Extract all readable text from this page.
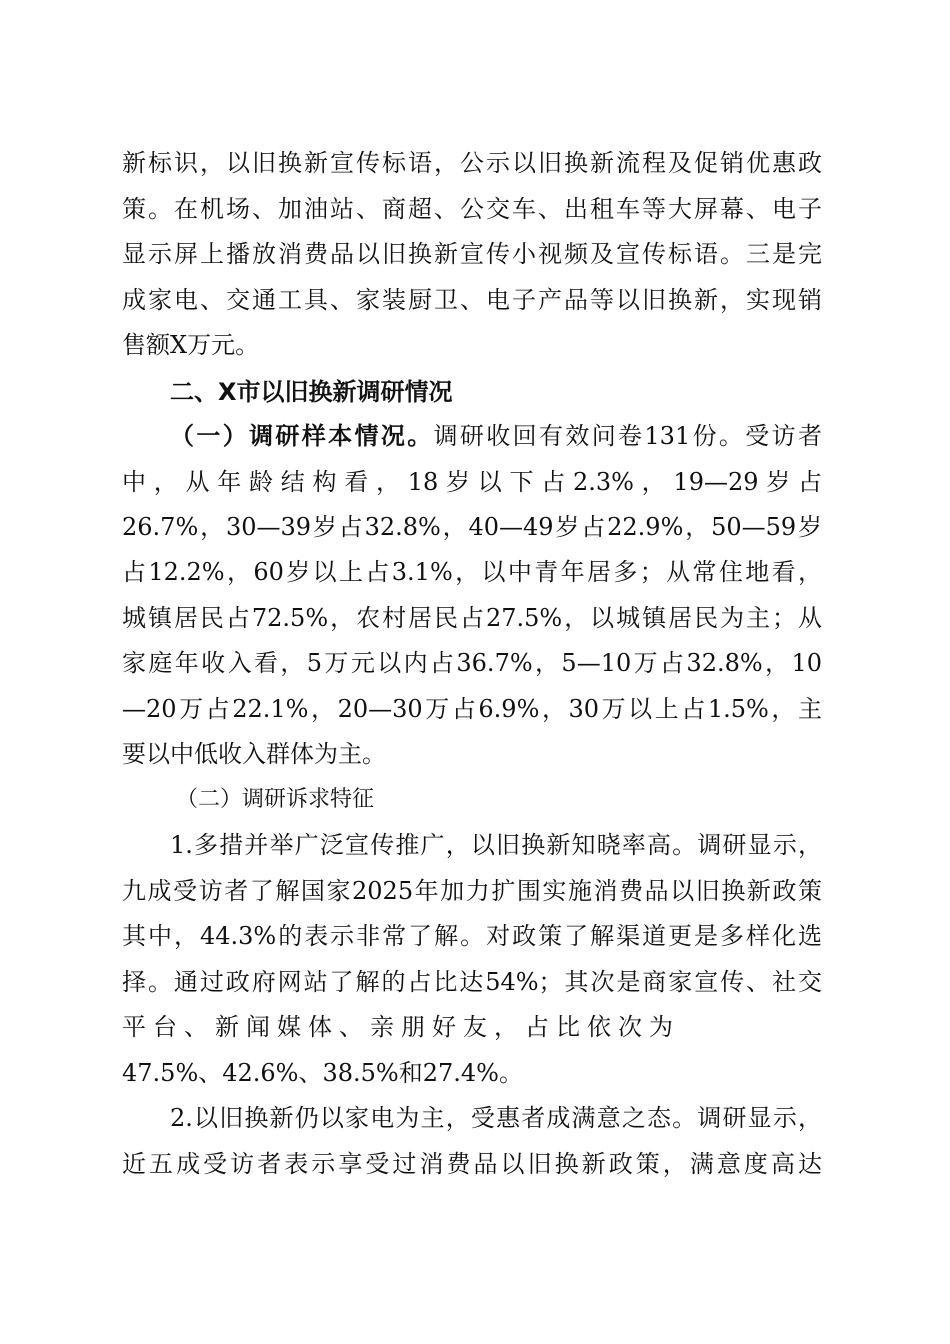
新标识，以旧换新宣传标语，公示以旧换新流程及促销优惠政
策。在机场、加油站、商超、公交车、出租车等大屏幕、电子
显示屏上播放消费品以旧换新宣传小视频及宣传标语。三是完
成家电、交通工具、家装厨卫、电子产品等以旧换新，实现销
售额X万元。
二、X市以旧换新调研情况
（一）调研样本情况。调研收回有效问卷131份。受访者
中，从年龄结构看，18岁以下占2.3%，19—29岁占
26.7%，30—39岁占32.8%，40—49岁占22.9%，50—59岁
占12.2%，60岁以上占3.1%，以中青年居多；从常住地看，
城镇居民占72.5%，农村居民占27.5%，以城镇居民为主；从
家庭年收入看，5万元以内占36.7%，5—10万占32.8%，10
—20万占22.1%，20—30万占6.9%，30万以上占1.5%，主
要以中低收入群体为主。
（二）调研诉求特征
1.多措并举广泛宣传推广，以旧换新知晓率高。调研显示，
九成受访者了解国家2025年加力扩围实施消费品以旧换新政策
其中，44.3%的表示非常了解。对政策了解渠道更是多样化选
择。通过政府网站了解的占比达54%；其次是商家宣传、社交
平台、新闻媒体、亲朋好友，占比依次为
47.5%、42.6%、38.5%和27.4%。
2.以旧换新仍以家电为主，受惠者成满意之态。调研显示，
近五成受访者表示享受过消费品以旧换新政策，满意度高达
